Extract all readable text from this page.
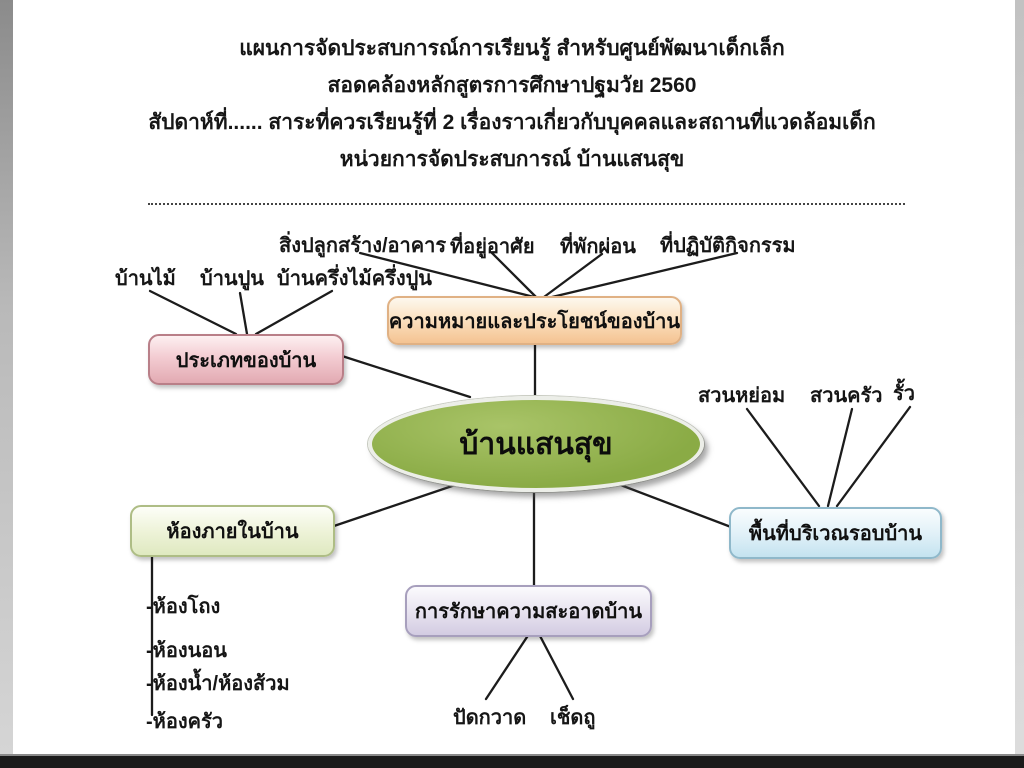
แผนการจัดประสบการณ์การเรียนรู้ สำหรับศูนย์พัฒนาเด็กเล็ก
สอดคล้องหลักสูตรการศึกษาปฐมวัย 2560
สัปดาห์ที่...... สาระที่ควรเรียนรู้ที่ 2 เรื่องราวเกี่ยวกับบุคคลและสถานที่แวดล้อมเด็ก
หน่วยการจัดประสบการณ์ บ้านแสนสุข
สิ่งปลูกสร้าง/อาคาร ที่อยู่อาศัย ที่พักผ่อน ที่ปฏิบัติกิจกรรม
บ้านไม้ บ้านปูน บ้านครึ่งไม้ครึ่งปูน
สวนหย่อม สวนครัว รั้ว
ปัดกวาด เช็ดถู
-ห้องโถง
-ห้องนอน
-ห้องน้ำ/ห้องส้วม
-ห้องครัว
ประเภทของบ้าน
ความหมายและประโยชน์ของบ้าน
ห้องภายในบ้าน	พื้นที่บริเวณรอบบ้าน
การรักษาความสะอาดบ้าน
บ้านแสนสุข
